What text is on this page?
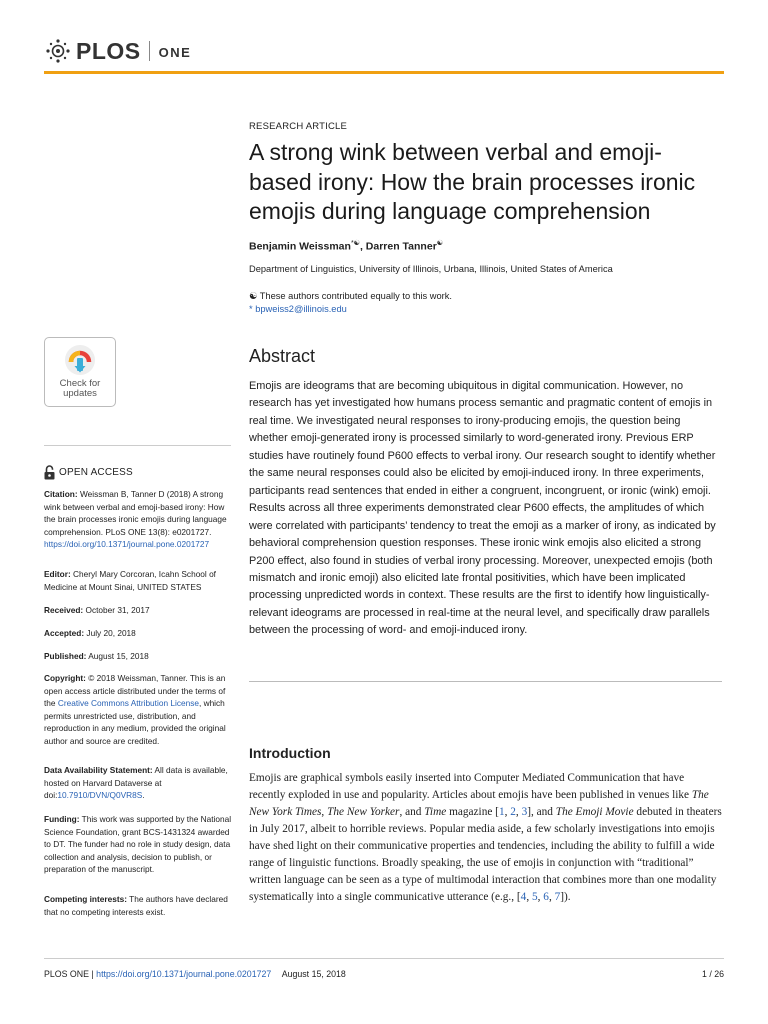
PLOS ONE
RESEARCH ARTICLE
A strong wink between verbal and emoji-based irony: How the brain processes ironic emojis during language comprehension
Benjamin Weissman*☯, Darren Tanner☯
Department of Linguistics, University of Illinois, Urbana, Illinois, United States of America
☯ These authors contributed equally to this work.
* bpweiss2@illinois.edu
Abstract

Emojis are ideograms that are becoming ubiquitous in digital communication. However, no research has yet investigated how humans process semantic and pragmatic content of emojis in real time. We investigated neural responses to irony-producing emojis, the question being whether emoji-generated irony is processed similarly to word-generated irony. Previous ERP studies have routinely found P600 effects to verbal irony. Our research sought to identify whether the same neural responses could also be elicited by emoji-induced irony. In three experiments, participants read sentences that ended in either a congruent, incongruent, or ironic (wink) emoji. Results across all three experiments demonstrated clear P600 effects, the amplitudes of which were correlated with participants’ tendency to treat the emoji as a marker of irony, as indicated by behavioral comprehension question responses. These ironic wink emojis also elicited a strong P200 effect, also found in studies of verbal irony processing. Moreover, unexpected emojis (both mismatch and ironic emoji) also elicited late frontal positivities, which have been implicated processing unpredicted words in context. These results are the first to identify how linguistically-relevant ideograms are processed in real-time at the neural level, and specifically draw parallels between the processing of word- and emoji-induced irony.

Introduction

Emojis are graphical symbols easily inserted into Computer Mediated Communication that have recently exploded in use and popularity. Articles about emojis have been published in venues like The New York Times, The New Yorker, and Time magazine [1, 2, 3], and The Emoji Movie debuted in theaters in July 2017, albeit to horrible reviews. Popular media aside, a few scholarly investigations into emojis have shed light on their communicative properties and tendencies, including the ability to fulfill a wide range of linguistic functions. Broadly speaking, the use of emojis in conjunction with “traditional” written language can be seen as a type of multimodal interaction that combines more than one modality systematically into a single communicative utterance (e.g., [4, 5, 6, 7]).

Check for updates
OPEN ACCESS

Citation: Weissman B, Tanner D (2018) A strong wink between verbal and emoji-based irony: How the brain processes ironic emojis during language comprehension. PLoS ONE 13(8): e0201727. https://doi.org/10.1371/journal.pone.0201727

Editor: Cheryl Mary Corcoran, Icahn School of Medicine at Mount Sinai, UNITED STATES

Received: October 31, 2017

Accepted: July 20, 2018

Published: August 15, 2018

Copyright: © 2018 Weissman, Tanner. This is an open access article distributed under the terms of the Creative Commons Attribution License, which permits unrestricted use, distribution, and reproduction in any medium, provided the original author and source are credited.

Data Availability Statement: All data is available, hosted on Harvard Dataverse at doi:10.7910/DVN/Q0VR8S.

Funding: This work was supported by the National Science Foundation, grant BCS-1431324 awarded to DT. The funder had no role in study design, data collection and analysis, decision to publish, or preparation of the manuscript.

Competing interests: The authors have declared that no competing interests exist.

PLOS ONE | https://doi.org/10.1371/journal.pone.0201727 August 15, 2018	1 / 26
